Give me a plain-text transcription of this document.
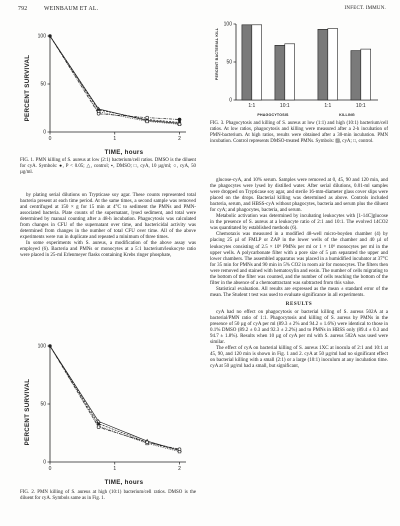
792	WEINBAUM ET AL.	INFECT. IMMUN.
PERCENT SURVIVAL
TIME, hours
0
50
100
0	1	2
FIG. 1. PMN killing of S. aureus at low (2:1) bacterium/cell ratios. DMSO is the diluent for cyA. Symbols: ●, P < 0.05; △, control; ▪, DMSO; □, cyA, 10 µg/ml; ○, cyA, 50 µg/ml.
PERCENT BACTERIAL KILL
PHAGOCYTOSIS	KILLING
0
50
100
1:1	10:1	1:1	10:1
FIG. 3. Phagocytosis and killing of S. aureus at low (1:1) and high (10:1) bacterium/cell ratios. At low ratios, phagocytosis and killing were measured after a 2-h incubation of PMN-bacterium. At high ratios, results were obtained after a 30-min incubation. PMN incubation. Control represents DMSO-treated PMNs. Symbols: ▨, cyA; □, control.

by plating serial dilutions on Trypticase soy agar. These counts represented total bacteria present at each time period. At the same times, a second sample was removed and centrifuged at 150 × g for 15 min at 4°C to sediment the PMNs and PMN-associated bacteria. Plate counts of the supernatant, lysed sediment, and total were determined by manual counting after a 48-h incubation. Phagocytosis was calculated from changes in CFU of the supernatant over time, and bactericidal activity was determined from changes in the number of total CFU over time. All of the above experiments were run in duplicate and repeated a minimum of three times.

In some experiments with S. aureus, a modification of the above assay was employed (6). Bacteria and PMNs or monocytes at a 5:1 bacterium/leukocyte ratio were placed in 25-ml Erlenmeyer flasks containing Krebs ringer phosphate,

PERCENT SURVIVAL
TIME, hours
0
50
100
0	1	2
FIG. 2. PMN killing of S. aureus at high (10:1) bacterium/cell ratios. DMSO is the diluent for cyA. Symbols same as in Fig. 1.

glucose-cyA, and 10% serum. Samples were removed at 0, 45, 90 and 120 min, and the phagocytes were lysed by distilled water. After serial dilutions, 0.01-ml samples were dropped on Trypticase soy agar, and sterile 16-mm-diameter glass cover slips were placed on the drops. Bacterial killing was determined as above. Controls included bacteria, serum, and HBSS-cyA without phagocytes, bacteria and serum plus the diluent for cyA; and phagocytes, bacteria, and serum.

Metabolic activation was determined by incubating leukocytes with [1-14C]glucose in the presence of S. aureus at a leukocyte ratio of 2:1 and 10:1. The evolved 14CO2 was quantitated by established methods (6).

Chemotaxis was measured in a modified 48-well micro-boyden chamber (4) by placing 25 µl of FMLP or ZAP in the lower wells of the chamber and 40 µl of leukocytes consisting of 2.5 × 10⁶ PMNs per ml or 1 × 10⁶ monocytes per ml in the upper wells. A polycarbonate filter with a pore size of 5 µm separated the upper and lower chambers. The assembled apparatus was placed in a humidified incubator at 37°C for 35 min for PMNs and 90 min in 5% CO2 in room air for monocytes. The filters then were removed and stained with hematoxylin and eosin. The number of cells migrating to the bottom of the filter was counted, and the number of cells reaching the bottom of the filter in the absence of a chemoattractant was subtracted from this value.

Statistical evaluation. All results are expressed as the mean ± standard error of the mean. The Student t test was used to evaluate significance in all experiments.

RESULTS

cyA had no effect on phagocytosis or bacterial killing of S. aureus 502A at a bacterial/PMN ratio of 1:1. Phagocytosis and killing of S. aureus by PMNs in the presence of 50 µg of cyA per ml (89.3 ± 2% and 94.2 ± 1.6%) were identical to those in 0.1% DMSO (89.2 ± 0.3 and 92.3 ± 2.2%) and to PMNs in HBSS only (89.4 ± 0.3 and 94.7 ± 1.8%). Results when 10 µg of cyA per ml with S. aureus 502A was used were similar.

The effect of cyA on bacterial killing of S. aureus 1XC at inocula of 2:1 and 10:1 at 45, 90, and 120 min is shown in Fig. 1 and 2. cyA at 50 µg/ml had no significant effect on bacterial killing with a small (2:1) or a large (10:1) inoculum at any incubation time. cyA at 50 µg/ml had a small, but significant,
